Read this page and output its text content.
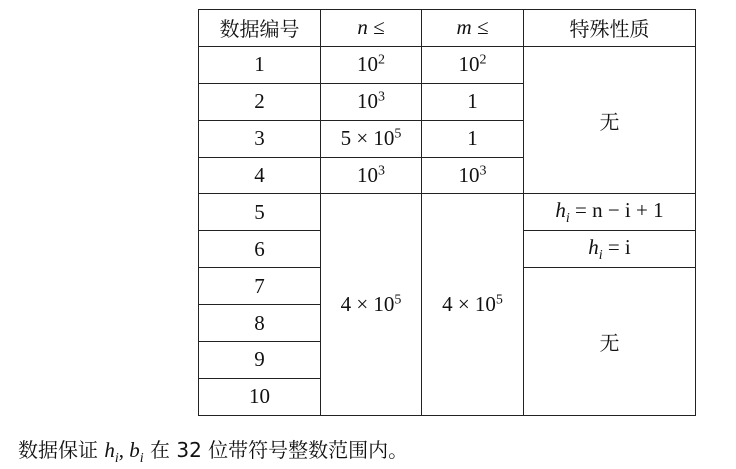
数据编号	n ≤	m ≤	特殊性质
1	$10^2$	$10^2$	无
2	$10^3$	1	
3	$5 \times 10^5$	1	
4	$10^3$	$10^3$
5	$4 \times 10^5$	$4 \times 10^5$	$h_i = n - i + 1$
6			$h_i = i$
7			无
8			
9			
10			
数据保证 $h_i$, $b_i$ 在 32 位带符号整数范围内。
